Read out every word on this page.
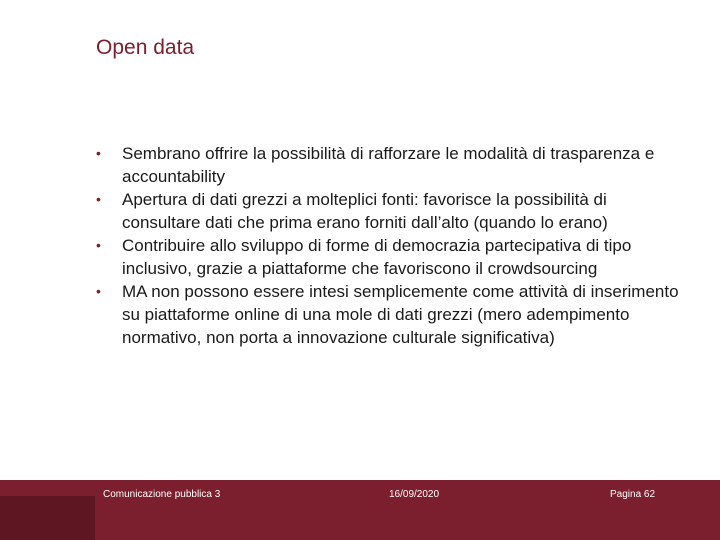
Open data
• Sembrano offrire la possibilità di rafforzare le modalità di trasparenza e accountability
• Apertura di dati grezzi a molteplici fonti: favorisce la possibilità di consultare dati che prima erano forniti dall’alto (quando lo erano)
• Contribuire allo sviluppo di forme di democrazia partecipativa di tipo inclusivo, grazie a piattaforme che favoriscono il crowdsourcing
• MA non possono essere intesi semplicemente come attività di inserimento su piattaforme online di una mole di dati grezzi (mero adempimento normativo, non porta a innovazione culturale significativa)
Comunicazione pubblica 3	16/09/2020	Pagina 62
